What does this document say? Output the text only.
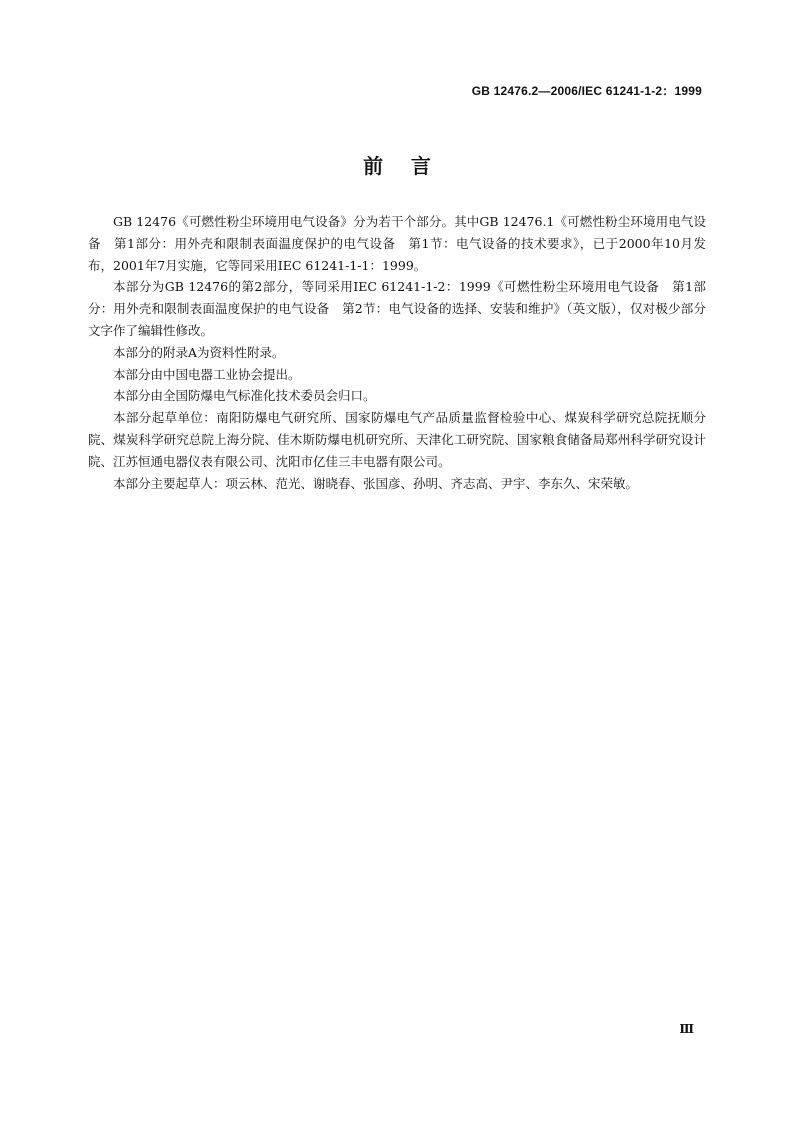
GB 12476.2—2006/IEC 61241-1-2：1999
前    言

GB 12476《可燃性粉尘环境用电气设备》分为若干个部分。其中GB 12476.1《可燃性粉尘环境用电气设备　第1部分：用外壳和限制表面温度保护的电气设备　第1节：电气设备的技术要求》，已于2000年10月发布，2001年7月实施，它等同采用IEC 61241-1-1：1999。

本部分为GB 12476的第2部分，等同采用IEC 61241-1-2：1999《可燃性粉尘环境用电气设备　第1部分：用外壳和限制表面温度保护的电气设备　第2节：电气设备的选择、安装和维护》（英文版），仅对极少部分文字作了编辑性修改。

本部分的附录A为资料性附录。

本部分由中国电器工业协会提出。

本部分由全国防爆电气标准化技术委员会归口。

本部分起草单位：南阳防爆电气研究所、国家防爆电气产品质量监督检验中心、煤炭科学研究总院抚顺分院、煤炭科学研究总院上海分院、佳木斯防爆电机研究所、天津化工研究院、国家粮食储备局郑州科学研究设计院、江苏恒通电器仪表有限公司、沈阳市亿佳三丰电器有限公司。

本部分主要起草人：项云林、范光、谢晓春、张国彦、孙明、齐志高、尹宇、李东久、宋荣敏。

Ⅲ
